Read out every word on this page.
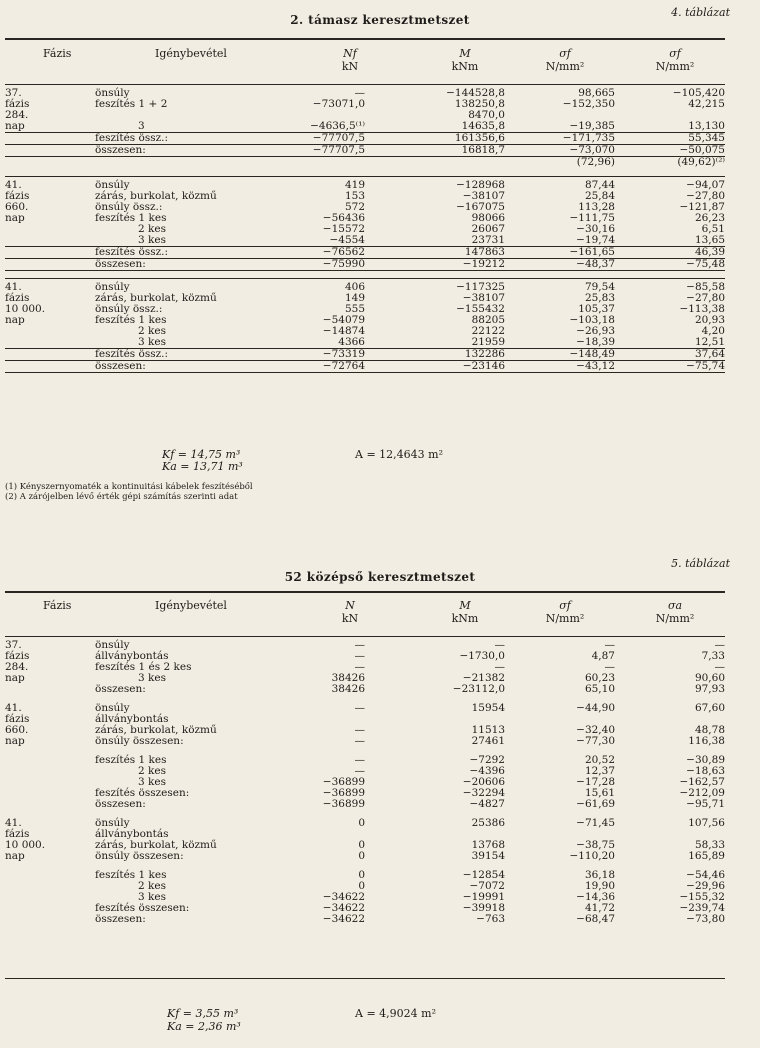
4. táblázat
2. támasz keresztmetszet
Fázis	Igénybevétel	Nf
kN
M
kNm
σf
N/mm²
σf
N/mm²
37.	önsúly	—	−144528,8	98,665	−105,420
fázis	feszítés 1 + 2	−73071,0	138250,8	−152,350	42,215
284.			8470,0		
nap	3	−4636,5⁽¹⁾	14635,8	−19,385	13,130
	feszítés össz.:	−77707,5	161356,6	−171,735	55,345
	összesen:	−77707,5	16818,7	−73,070	−50,075
				(72,96)	(49,62)⁽²⁾

41.	önsúly	419	−128968	87,44	−94,07
fázis	zárás, burkolat, közmű	153	−38107	25,84	−27,80
660.	önsúly össz.:	572	−167075	113,28	−121,87
nap	feszítés 1 kes	−56436	98066	−111,75	26,23
	2 kes	−15572	26067	−30,16	6,51
	3 kes	−4554	23731	−19,74	13,65
	feszítés össz.:	−76562	147863	−161,65	46,39
	összesen:	−75990	−19212	−48,37	−75,48

41.	önsúly	406	−117325	79,54	−85,58
fázis	zárás, burkolat, közmű	149	−38107	25,83	−27,80
10 000.	önsúly össz.:	555	−155432	105,37	−113,38
nap	feszítés 1 kes	−54079	88205	−103,18	20,93
	2 kes	−14874	22122	−26,93	4,20
	3 kes	4366	21959	−18,39	12,51
	feszítés össz.:	−73319	132286	−148,49	37,64
	összesen:	−72764	−23146	−43,12	−75,74
Kf = 14,75 m³
Ka = 13,71 m³
A = 12,4643 m²
(1) Kényszernyomaték a kontinuitási kábelek feszítéséből
(2) A zárójelben lévő érték gépi számítás szerinti adat
5. táblázat
52 középső keresztmetszet
Fázis	Igénybevétel	N
kN
M
kNm
σf
N/mm²
σa
N/mm²
37.	önsúly	—	—	—	—
fázis	állványbontás	—	−1730,0	4,87	7,33
284.	feszítés 1 és 2 kes	—	—	—	—
nap	3 kes	38426	−21382	60,23	90,60
	összesen:	38426	−23112,0	65,10	97,93

41.	önsúly	—	15954	−44,90	67,60
fázis	állványbontás				
660.	zárás, burkolat, közmű	—	11513	−32,40	48,78
nap	önsúly összesen:	—	27461	−77,30	116,38

	feszítés 1 kes	—	−7292	20,52	−30,89
	2 kes	—	−4396	12,37	−18,63
	3 kes	−36899	−20606	−17,28	−162,57
	feszítés összesen:	−36899	−32294	15,61	−212,09
	összesen:	−36899	−4827	−61,69	−95,71

41.	önsúly	0	25386	−71,45	107,56
fázis	állványbontás				
10 000.	zárás, burkolat, közmű	0	13768	−38,75	58,33
nap	önsúly összesen:	0	39154	−110,20	165,89

	feszítés 1 kes	0	−12854	36,18	−54,46
	2 kes	0	−7072	19,90	−29,96
	3 kes	−34622	−19991	−14,36	−155,32
	feszítés összesen:	−34622	−39918	41,72	−239,74
	összesen:	−34622	−763	−68,47	−73,80
Kf = 3,55 m³
Ka = 2,36 m³
A = 4,9024 m²
